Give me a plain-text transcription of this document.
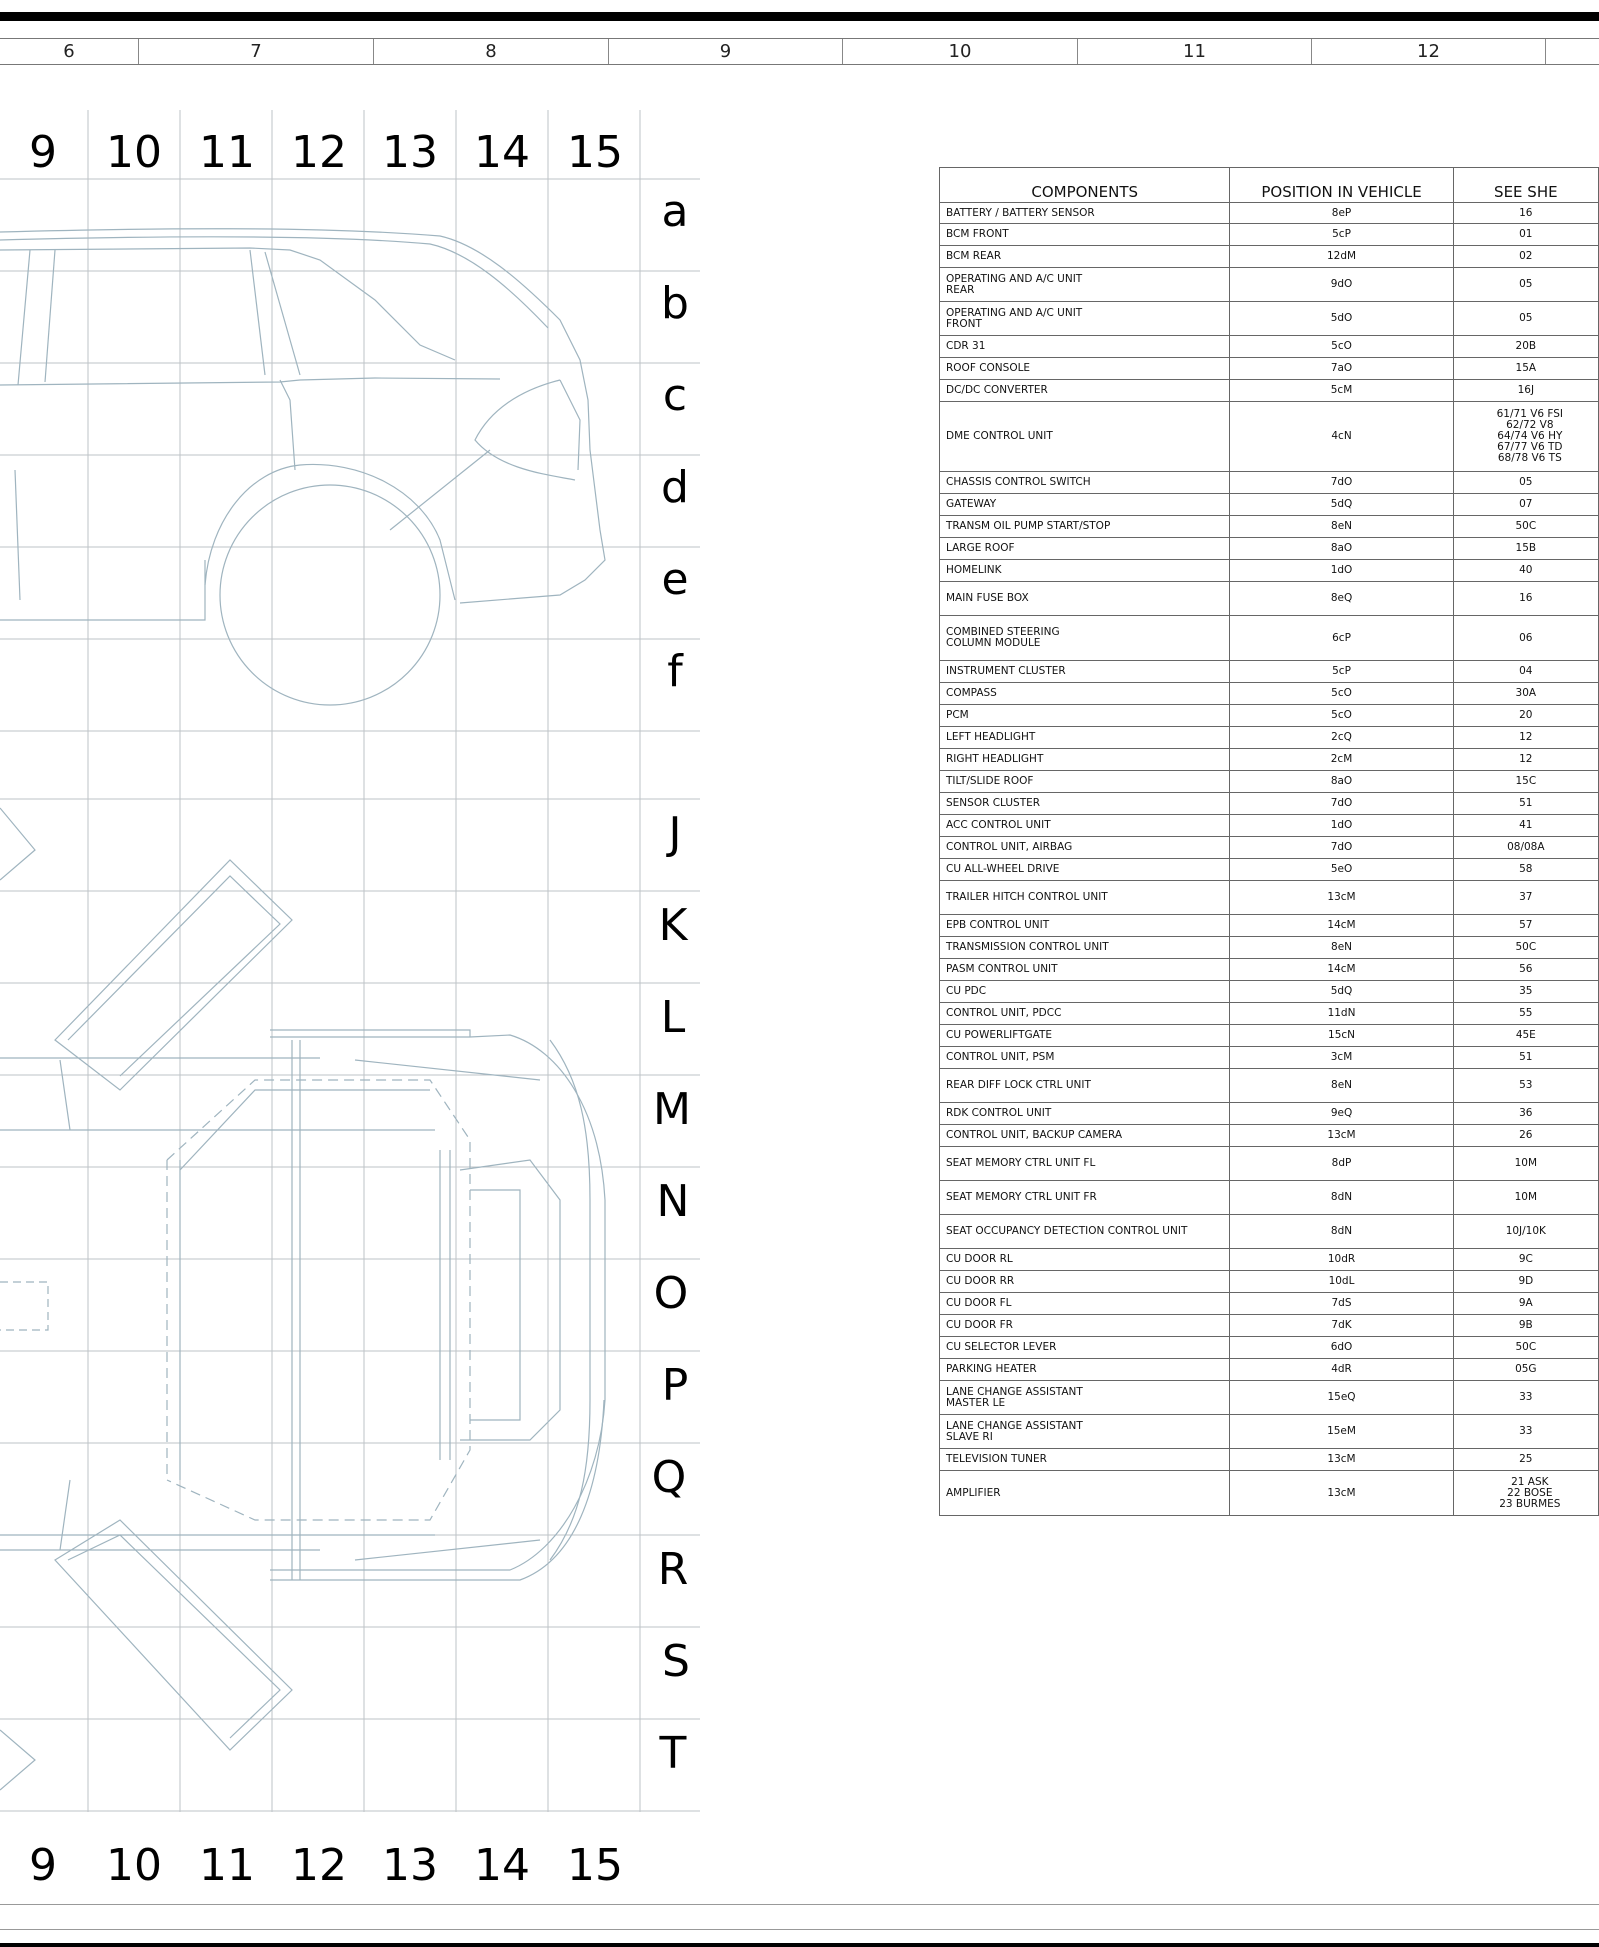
6	7	8	9	10	11	12
9 10 11 12 13 14 15
9 10 11 12 13 14 15
a
b
c
d
e
f
J
K
L
M
N
O
P
Q
R
S
T
COMPONENTS	POSITION IN VEHICLE	SEE SHE
BATTERY / BATTERY SENSOR	8eP	16
BCM FRONT	5cP	01
BCM REAR	12dM	02
OPERATING AND A/C UNIT
REAR	9dO	05
OPERATING AND A/C UNIT
FRONT	5dO	05
CDR 31	5cO	20B
ROOF CONSOLE	7aO	15A
DC/DC CONVERTER	5cM	16J
DME CONTROL UNIT	4cN	61/71 V6 FSI
62/72 V8
64/74 V6 HY
67/77 V6 TD
68/78 V6 TS
CHASSIS CONTROL SWITCH	7dO	05
GATEWAY	5dQ	07
TRANSM OIL PUMP START/STOP	8eN	50C
LARGE ROOF	8aO	15B
HOMELINK	1dO	40
MAIN FUSE BOX	8eQ	16
COMBINED STEERING
COLUMN MODULE	6cP	06
INSTRUMENT CLUSTER	5cP	04
COMPASS	5cO	30A
PCM	5cO	20
LEFT HEADLIGHT	2cQ	12
RIGHT HEADLIGHT	2cM	12
TILT/SLIDE ROOF	8aO	15C
SENSOR CLUSTER	7dO	51
ACC CONTROL UNIT	1dO	41
CONTROL UNIT, AIRBAG	7dO	08/08A
CU ALL-WHEEL DRIVE	5eO	58
TRAILER HITCH CONTROL UNIT	13cM	37
EPB CONTROL UNIT	14cM	57
TRANSMISSION CONTROL UNIT	8eN	50C
PASM CONTROL UNIT	14cM	56
CU PDC	5dQ	35
CONTROL UNIT, PDCC	11dN	55
CU POWERLIFTGATE	15cN	45E
CONTROL UNIT, PSM	3cM	51
REAR DIFF LOCK CTRL UNIT	8eN	53
RDK CONTROL UNIT	9eQ	36
CONTROL UNIT, BACKUP CAMERA	13cM	26
SEAT MEMORY CTRL UNIT FL	8dP	10M
SEAT MEMORY CTRL UNIT FR	8dN	10M
SEAT OCCUPANCY DETECTION CONTROL UNIT	8dN	10J/10K
CU DOOR RL	10dR	9C
CU DOOR RR	10dL	9D
CU DOOR FL	7dS	9A
CU DOOR FR	7dK	9B
CU SELECTOR LEVER	6dO	50C
PARKING HEATER	4dR	05G
LANE CHANGE ASSISTANT
MASTER LE	15eQ	33
LANE CHANGE ASSISTANT
SLAVE RI	15eM	33
TELEVISION TUNER	13cM	25
AMPLIFIER	13cM	21 ASK
22 BOSE
23 BURMES
